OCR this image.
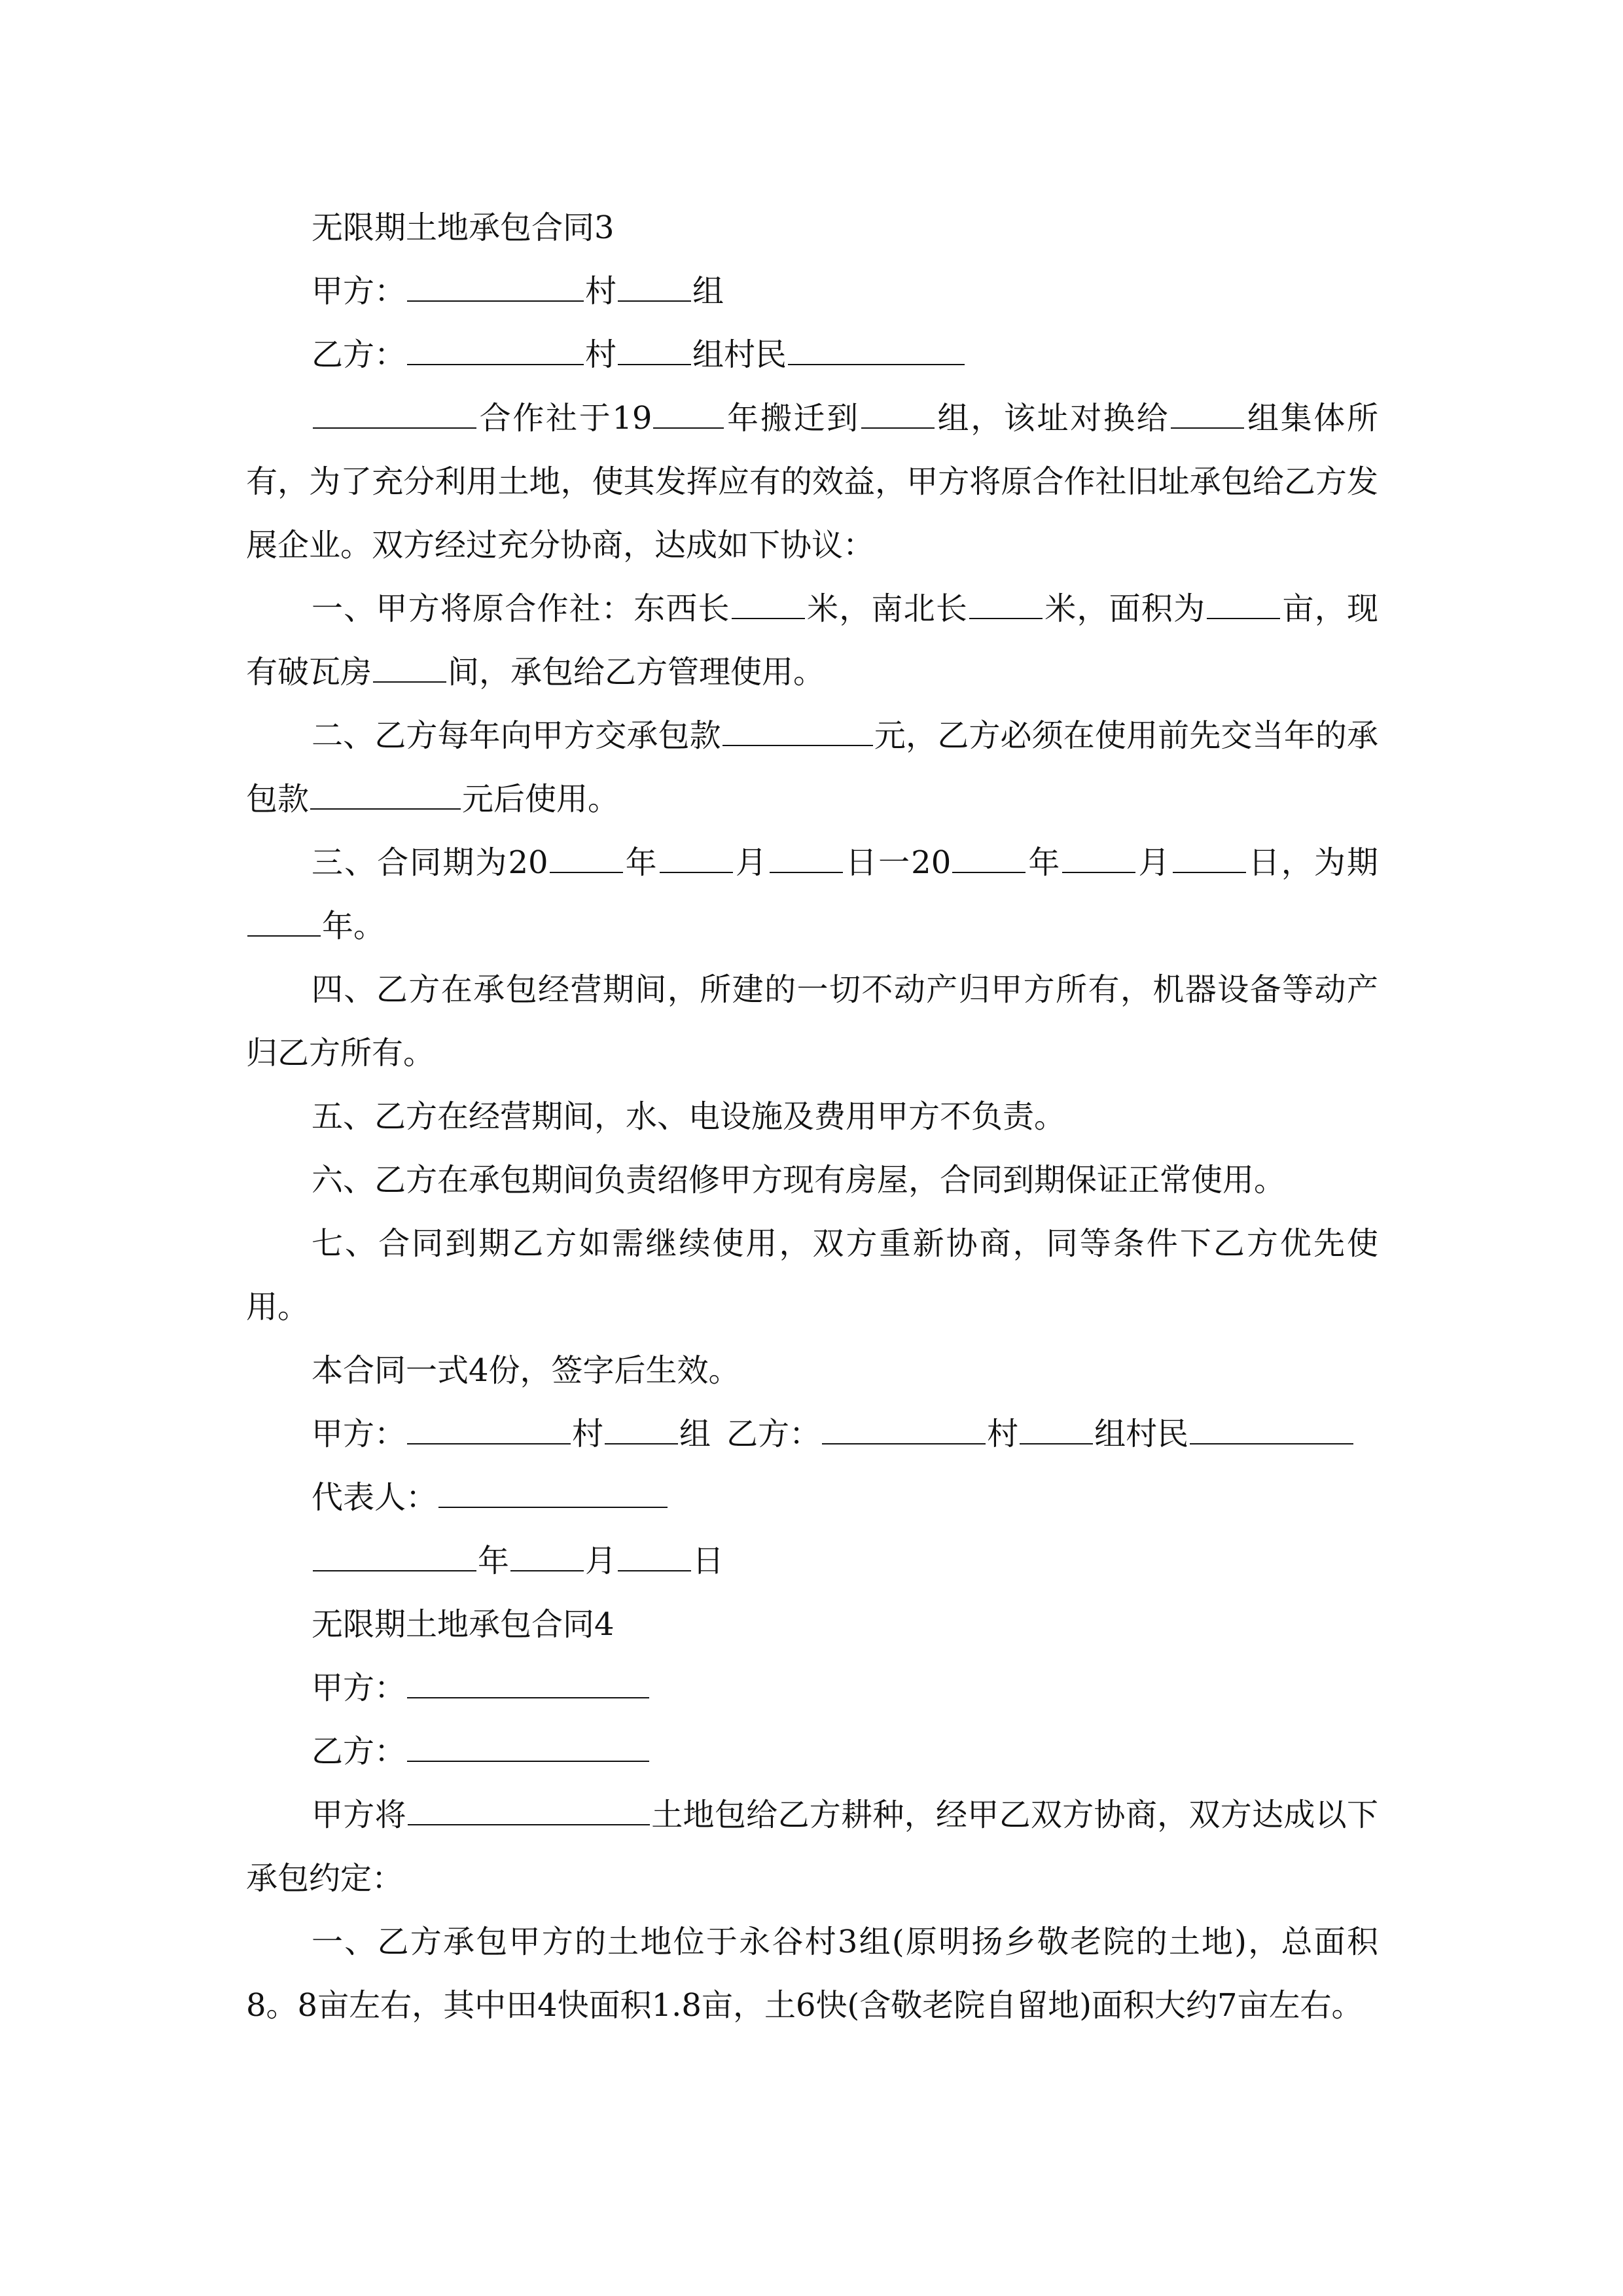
无限期土地承包合同3

甲方：	村 组

乙方：	村 组村民

合作社于19 年搬迁到 组，该址对换给 组集体所有，为了充分利用土地，使其发挥应有的效益，甲方将原合作社旧址承包给乙方发展企业。双方经过充分协商，达成如下协议：

一、甲方将原合作社：东西长 米，南北长 米，面积为 亩，现有破瓦房 间，承包给乙方管理使用。

二、乙方每年向甲方交承包款	元，乙方必须在使用前先交当年的承包款	元后使用。

三、合同期为20 年 月 日一20 年 月 日，为期年。

四、乙方在承包经营期间，所建的一切不动产归甲方所有，机器设备等动产归乙方所有。

五、乙方在经营期间，水、电设施及费用甲方不负责。

六、乙方在承包期间负责绍修甲方现有房屋，合同到期保证正常使用。

七、合同到期乙方如需继续使用，双方重新协商，同等条件下乙方优先使用。

本合同一式4份，签字后生效。

甲方：	村 组 乙方：	村 组村民

代表人：

年 月 日

无限期土地承包合同4

甲方：

乙方：

甲方将	土地包给乙方耕种，经甲乙双方协商，双方达成以下承包约定：

一、乙方承包甲方的土地位于永谷村3组(原明扬乡敬老院的土地)，总面积8。8亩左右，其中田4快面积1.8亩，土6快(含敬老院自留地)面积大约7亩左右。
